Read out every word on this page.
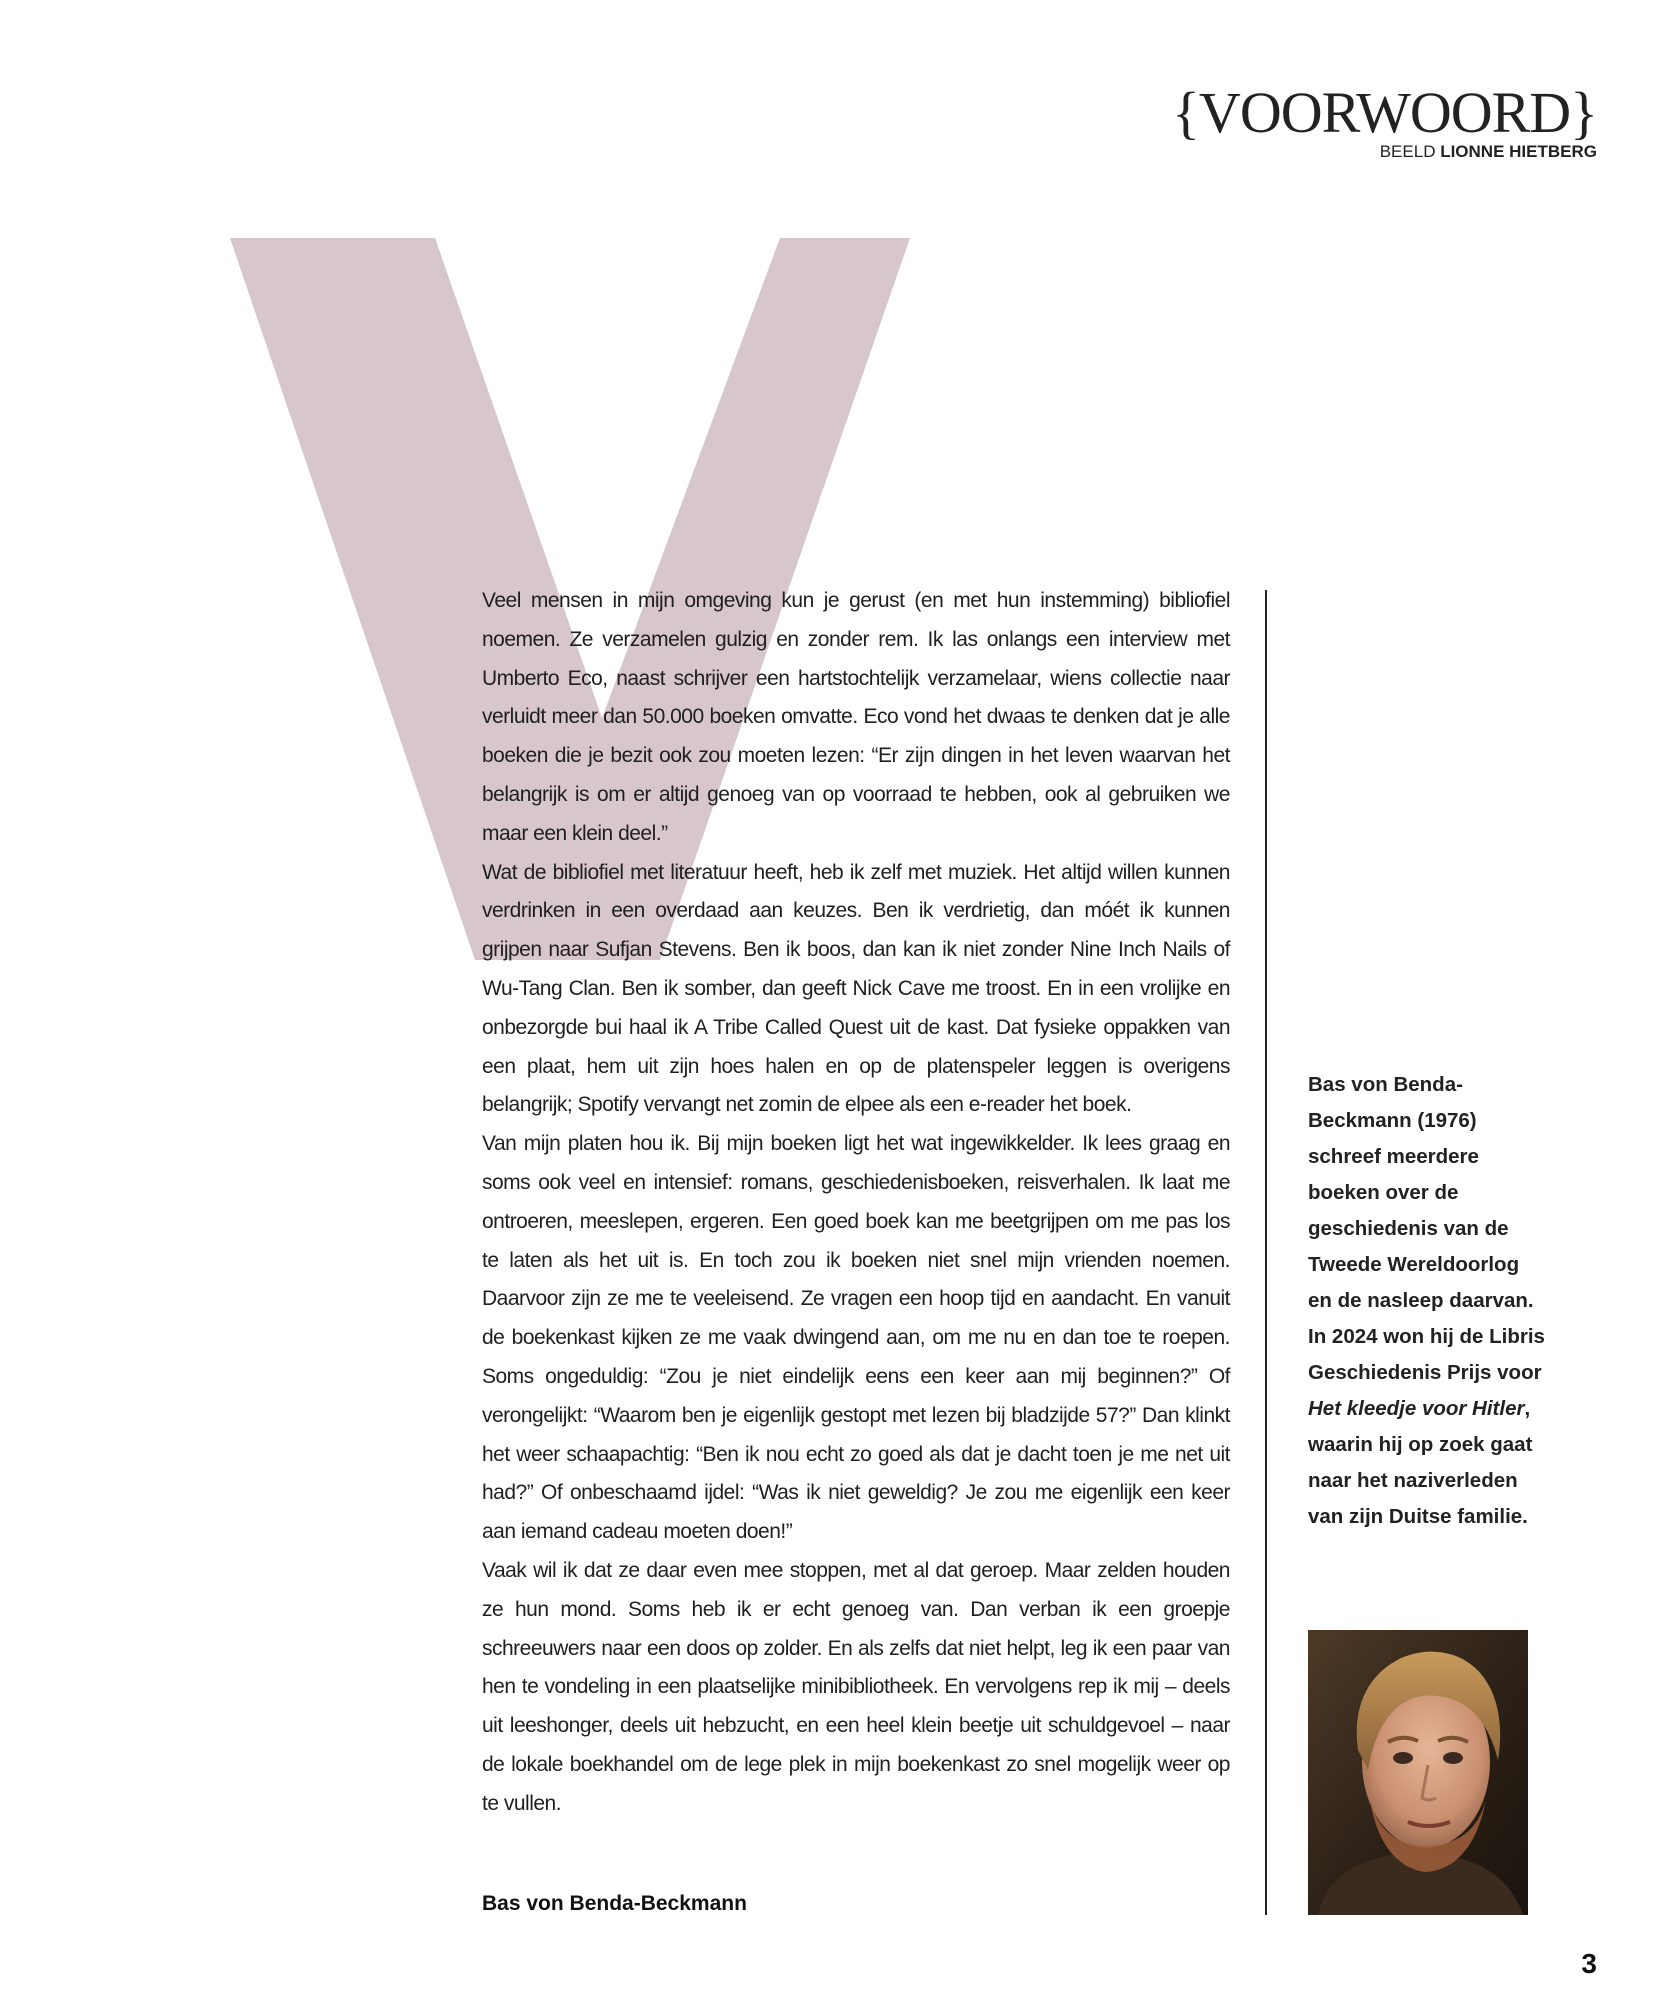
{VOORWOORD}
BEELD LIONNE HIETBERG

Veel mensen in mijn omgeving kun je gerust (en met hun instemming) bibliofiel noemen. Ze verzamelen gulzig en zonder rem. Ik las onlangs een interview met Umberto Eco, naast schrijver een hartstochtelijk verzamelaar, wiens collectie naar verluidt meer dan 50.000 boeken omvatte. Eco vond het dwaas te denken dat je alle boeken die je bezit ook zou moeten lezen: “Er zijn dingen in het leven waarvan het belangrijk is om er altijd genoeg van op voorraad te hebben, ook al gebruiken we maar een klein deel.”

Wat de bibliofiel met literatuur heeft, heb ik zelf met muziek. Het altijd willen kunnen verdrinken in een overdaad aan keuzes. Ben ik verdrietig, dan móét ik kunnen grijpen naar Sufjan Stevens. Ben ik boos, dan kan ik niet zonder Nine Inch Nails of Wu-Tang Clan. Ben ik somber, dan geeft Nick Cave me troost. En in een vrolijke en onbezorgde bui haal ik A Tribe Called Quest uit de kast. Dat fysieke oppakken van een plaat, hem uit zijn hoes halen en op de platenspeler leggen is overigens belangrijk; Spotify vervangt net zomin de elpee als een e-reader het boek.

Van mijn platen hou ik. Bij mijn boeken ligt het wat ingewikkelder. Ik lees graag en soms ook veel en intensief: romans, geschiedenisboeken, reisverhalen. Ik laat me ontroeren, meeslepen, ergeren. Een goed boek kan me beetgrijpen om me pas los te laten als het uit is. En toch zou ik boeken niet snel mijn vrienden noemen. Daarvoor zijn ze me te veeleisend. Ze vragen een hoop tijd en aandacht. En vanuit de boekenkast kijken ze me vaak dwingend aan, om me nu en dan toe te roepen. Soms ongeduldig: “Zou je niet eindelijk eens een keer aan mij beginnen?” Of verongelijkt: “Waarom ben je eigenlijk gestopt met lezen bij bladzijde 57?” Dan klinkt het weer schaapachtig: “Ben ik nou echt zo goed als dat je dacht toen je me net uit had?” Of onbeschaamd ijdel: “Was ik niet geweldig? Je zou me eigenlijk een keer aan iemand cadeau moeten doen!”

Vaak wil ik dat ze daar even mee stoppen, met al dat geroep. Maar zelden houden ze hun mond. Soms heb ik er echt genoeg van. Dan verban ik een groepje schreeuwers naar een doos op zolder. En als zelfs dat niet helpt, leg ik een paar van hen te vondeling in een plaatselijke minibibliotheek. En vervolgens rep ik mij – deels uit leeshonger, deels uit hebzucht, en een heel klein beetje uit schuldgevoel – naar de lokale boekhandel om de lege plek in mijn boekenkast zo snel mogelijk weer op te vullen.

Bas von Benda-Beckmann
Bas von Benda-Beckmann (1976) schreef meerdere boeken over de geschiedenis van de Tweede Wereldoorlog en de nasleep daarvan. In 2024 won hij de Libris Geschiedenis Prijs voor Het kleedje voor Hitler, waarin hij op zoek gaat naar het naziverleden van zijn Duitse familie.
3
